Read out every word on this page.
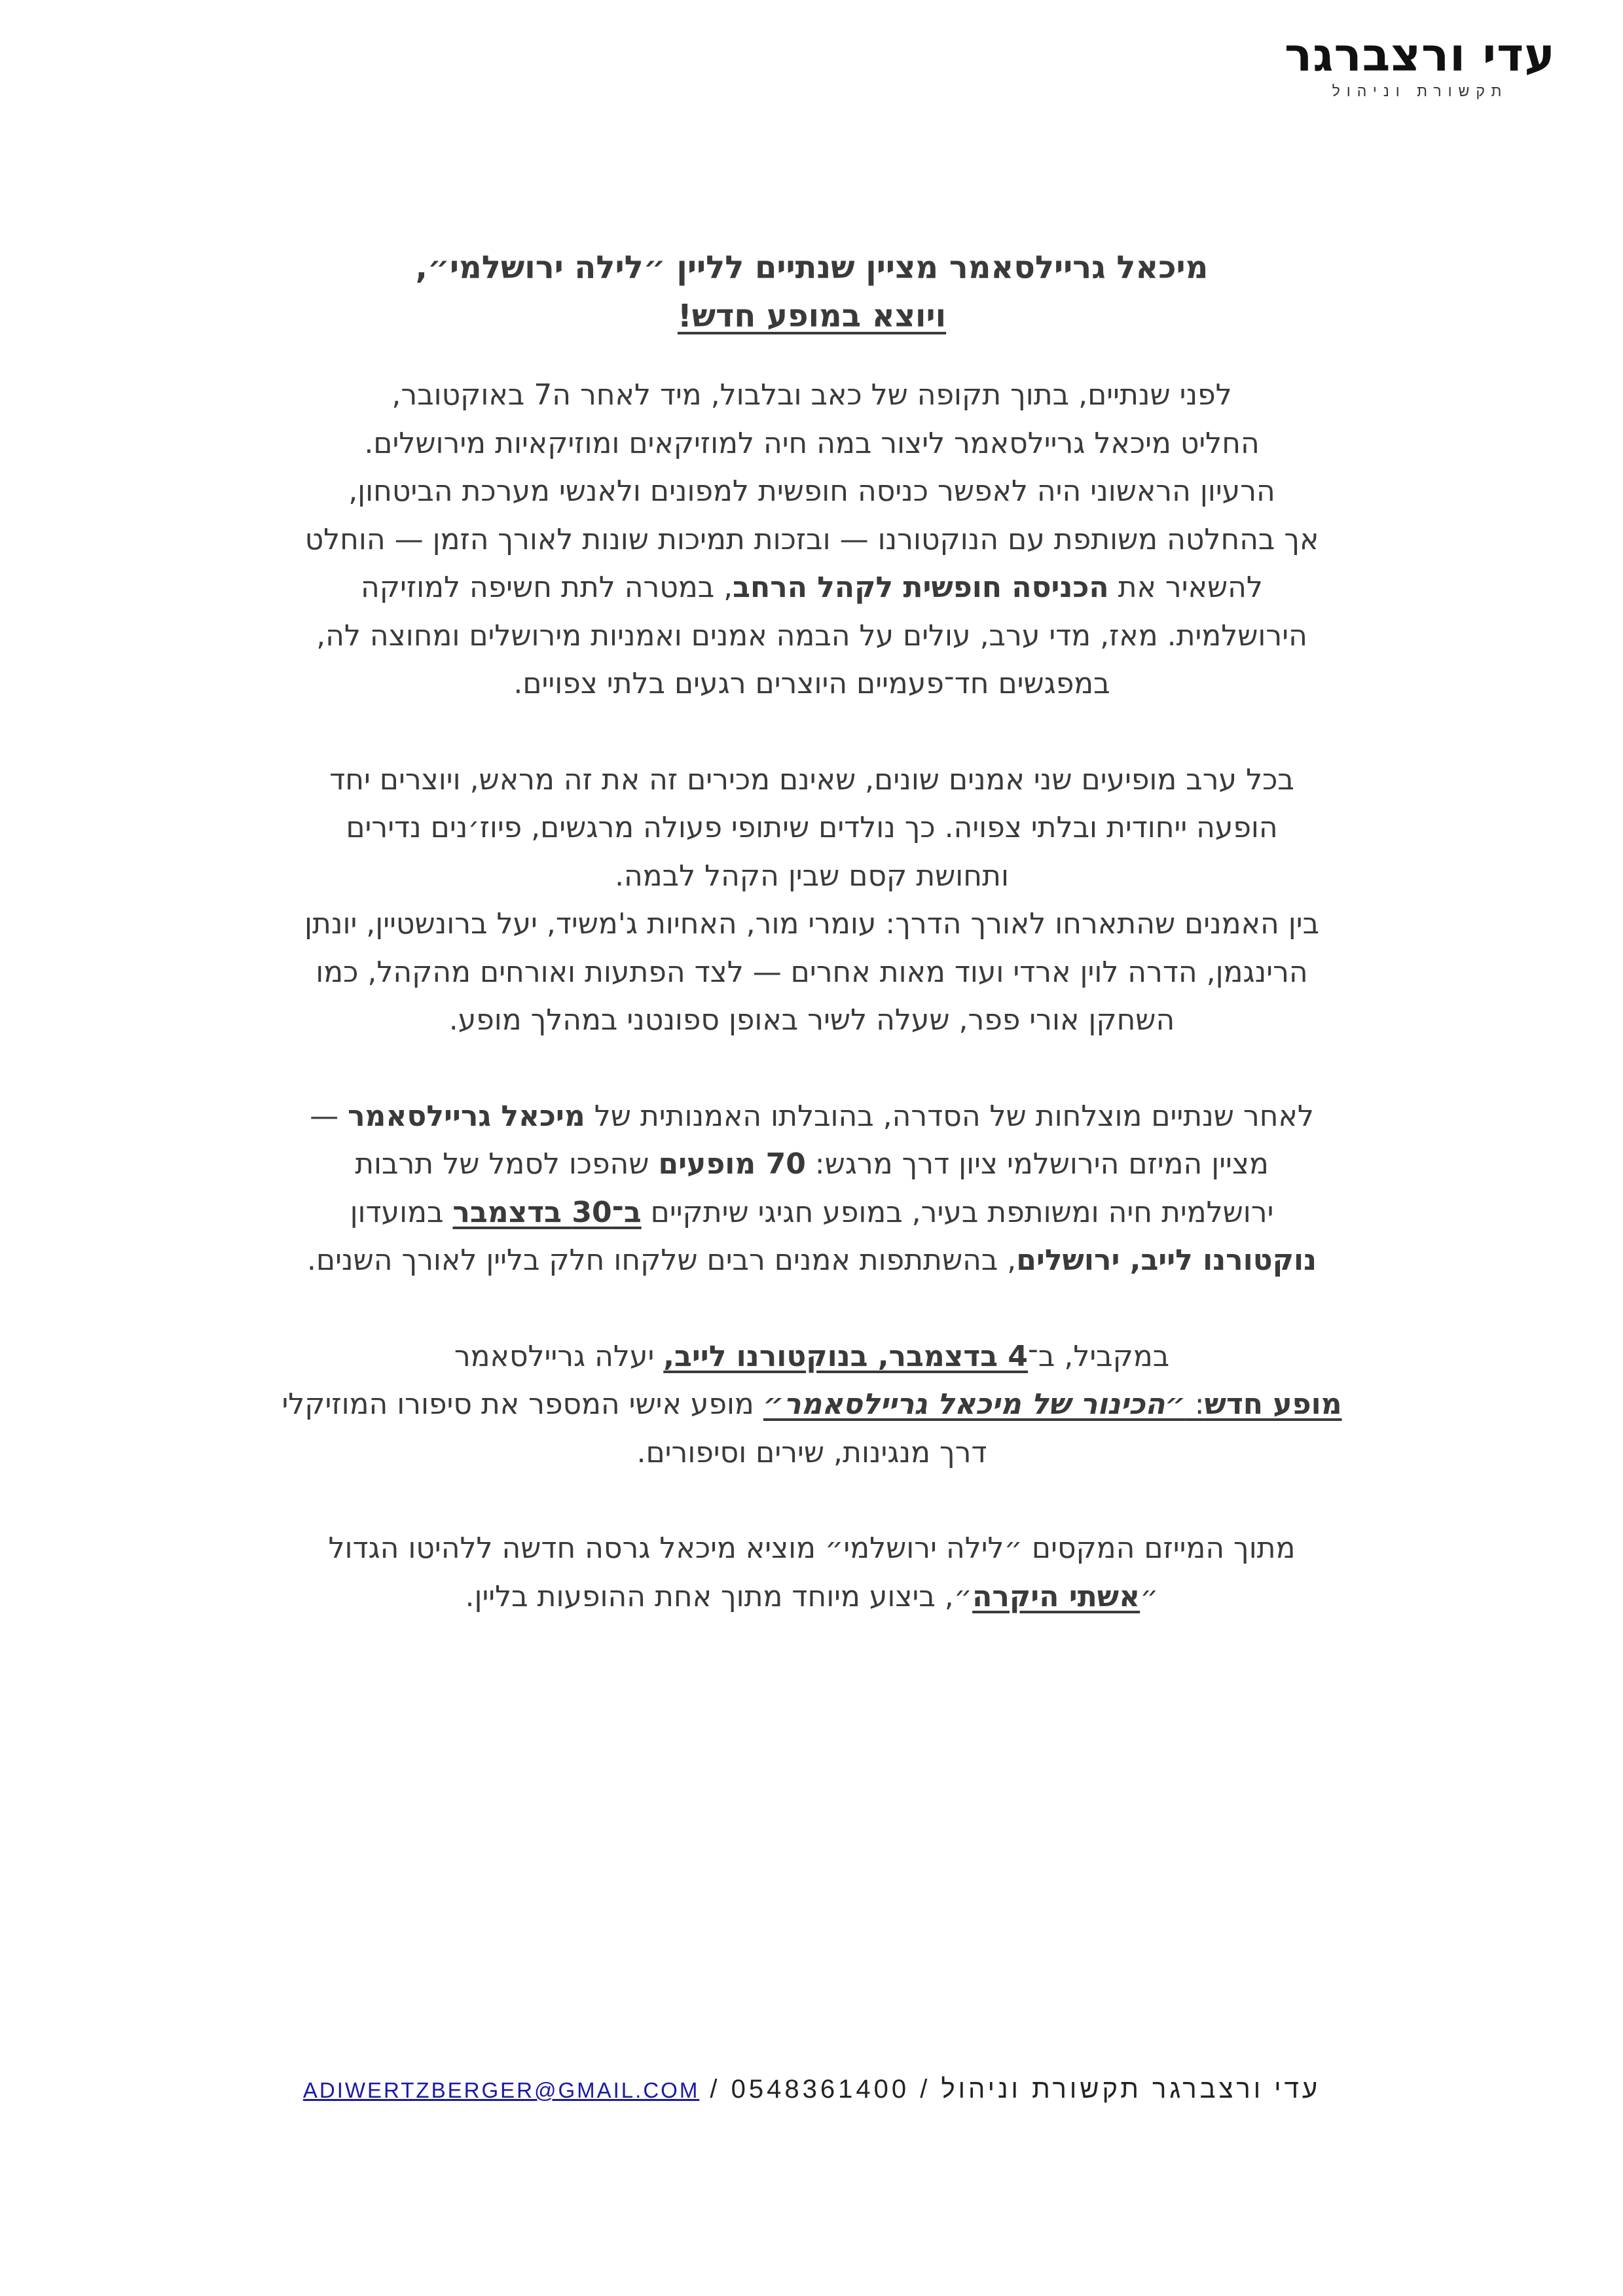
עדי ורצברגר
תקשורת וניהול
מיכאל גריילסאמר מציין שנתיים לליין ״לילה ירושלמי״,
ויוצא במופע חדש!

לפני שנתיים, בתוך תקופה של כאב ובלבול, מיד לאחר ה7 באוקטובר,
החליט מיכאל גריילסאמר ליצור במה חיה למוזיקאים ומוזיקאיות מירושלים.
הרעיון הראשוני היה לאפשר כניסה חופשית למפונים ולאנשי מערכת הביטחון,
אך בהחלטה משותפת עם הנוקטורנו — ובזכות תמיכות שונות לאורך הזמן — הוחלט
להשאיר את הכניסה חופשית לקהל הרחב, במטרה לתת חשיפה למוזיקה
הירושלמית. מאז, מדי ערב, עולים על הבמה אמנים ואמניות מירושלים ומחוצה לה,
במפגשים חד־פעמיים היוצרים רגעים בלתי צפויים.

בכל ערב מופיעים שני אמנים שונים, שאינם מכירים זה את זה מראש, ויוצרים יחד
הופעה ייחודית ובלתי צפויה. כך נולדים שיתופי פעולה מרגשים, פיוז׳נים נדירים
ותחושת קסם שבין הקהל לבמה.
בין האמנים שהתארחו לאורך הדרך: עומרי מור, האחיות ג'משיד, יעל ברונשטיין, יונתן
הרינגמן, הדרה לוין ארדי ועוד מאות אחרים — לצד הפתעות ואורחים מהקהל, כמו
השחקן אורי פפר, שעלה לשיר באופן ספונטני במהלך מופע.

לאחר שנתיים מוצלחות של הסדרה, בהובלתו האמנותית של מיכאל גריילסאמר —
מציין המיזם הירושלמי ציון דרך מרגש: 70 מופעים שהפכו לסמל של תרבות
ירושלמית חיה ומשותפת בעיר, במופע חגיגי שיתקיים ב־30 בדצמבר במועדון
נוקטורנו לייב, ירושלים, בהשתתפות אמנים רבים שלקחו חלק בליין לאורך השנים.

במקביל, ב־4 בדצמבר, בנוקטורנו לייב, יעלה גריילסאמר
מופע חדש: ״הכינור של מיכאל גריילסאמר״ מופע אישי המספר את סיפורו המוזיקלי
דרך מנגינות, שירים וסיפורים.

מתוך המייזם המקסים ״לילה ירושלמי״ מוציא מיכאל גרסה חדשה ללהיטו הגדול
״אשתי היקרה״, ביצוע מיוחד מתוך אחת ההופעות בליין.

עדי ורצברגר תקשורת וניהול / 0548361400 / ADIWERTZBERGER@GMAIL.COM
